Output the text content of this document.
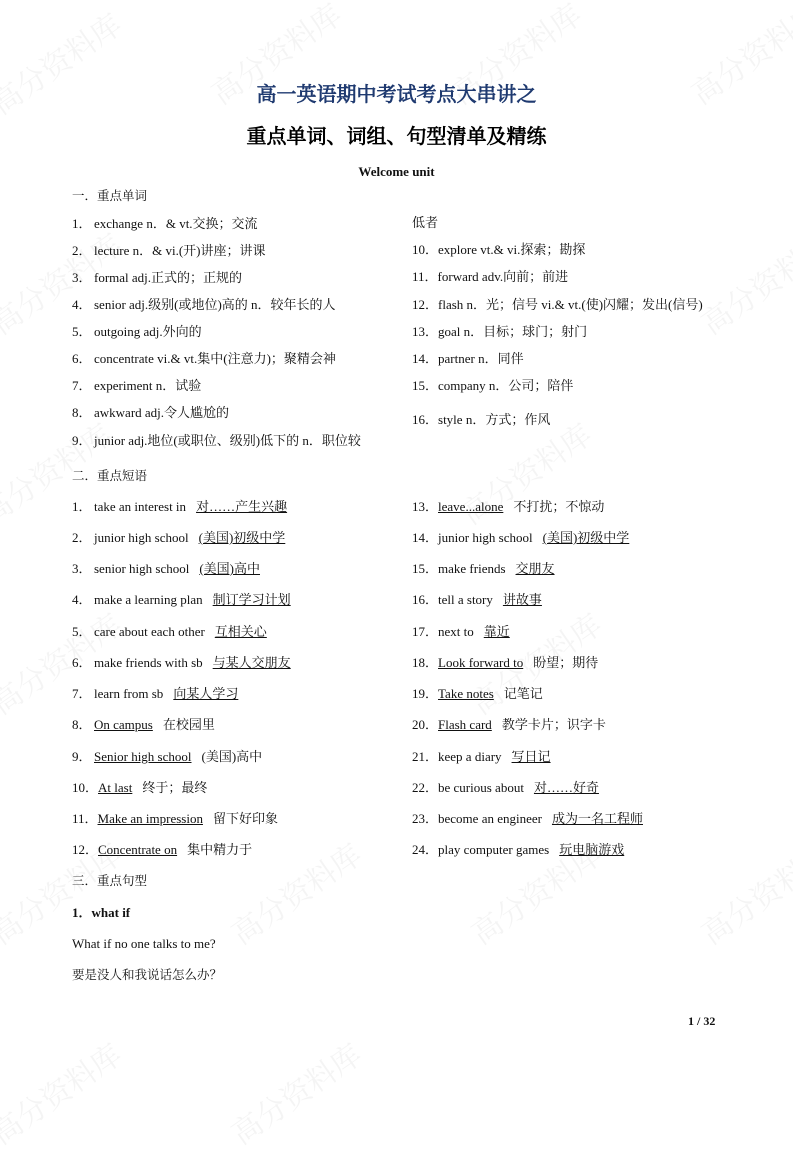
高一英语期中考试考点大串讲之
重点单词、词组、句型清单及精练
Welcome unit
一．重点单词
1． exchange n．& vt.交换；交流
2． lecture n．& vi.(开)讲座；讲课
3． formal adj.正式的；正规的
4． senior adj.级别(或地位)高的 n．较年长的人
5． outgoing adj.外向的
6． concentrate vi.& vt.集中(注意力)；聚精会神
7． experiment n．试验
8． awkward adj.令人尴尬的
9． junior adj.地位(或职位、级别)低下的 n．职位较
低者
10．explore vt.& vi.探索；勘探
11．forward adv.向前；前进
12．flash n．光；信号 vi.& vt.(使)闪耀；发出(信号)
13．goal n．目标；球门；射门
14．partner n．同伴
15．company n．公司；陪伴
16．style n．方式；作风
二．重点短语
1． take an interest in 对……产生兴趣
2． junior high school (美国)初级中学
3． senior high school (美国)高中
4． make a learning plan 制订学习计划
5． care about each other 互相关心
6． make friends with sb 与某人交朋友
7． learn from sb 向某人学习
8． On campus 在校园里
9． Senior high school (美国)高中
10．At last 终于；最终
11．Make an impression 留下好印象
12．Concentrate on 集中精力于
13．leave...alone 不打扰；不惊动
14．junior high school (美国)初级中学
15．make friends 交朋友
16．tell a story 讲故事
17．next to 靠近
18．Look forward to 盼望；期待
19．Take notes 记笔记
20．Flash card 教学卡片；识字卡
21．keep a diary 写日记
22．be curious about 对……好奇
23．become an engineer 成为一名工程师
24．play computer games 玩电脑游戏
三．重点句型
1．what if
What if no one talks to me?
要是没人和我说话怎么办？
1 / 32
